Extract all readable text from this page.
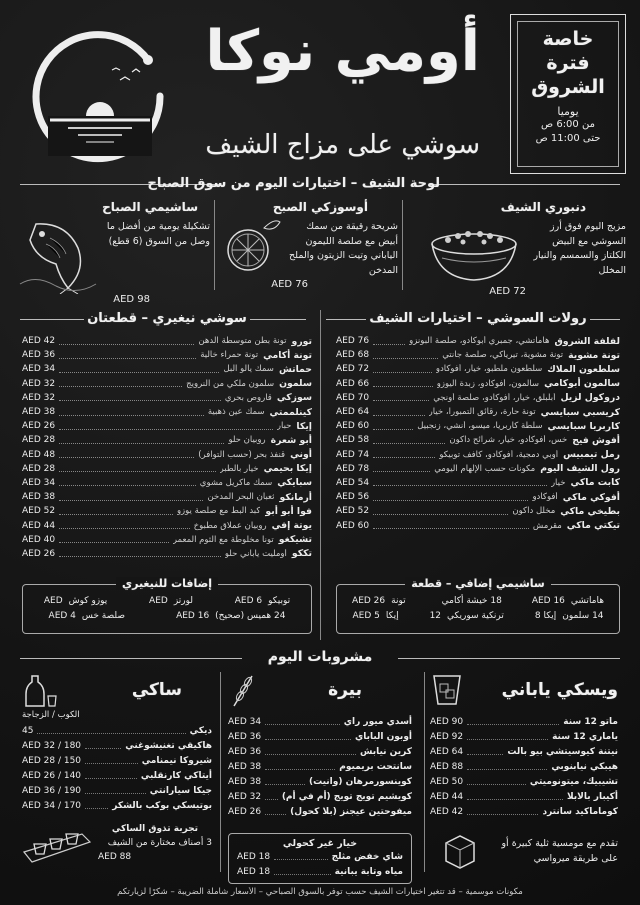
أومي نوكا
سوشي على مزاج الشيف
خاصة
فترة
الشروق
يوميا
من 6:00 ص
حتى 11:00 ص
لوحة الشيف – اختيارات اليوم من سوق الصباح
دنبوري الشيف
مزيج اليوم فوق أرز السوشي مع البيض الكلتاز والسمسم والنيار المخلل
AED 72
أوسوزكي الصبح
شريحة رقيقة من سمك أبيض مع صلصة الليمون الياباني وتيت الزيتون والملح المدخن
AED 76
ساشيمي الصباح
تشكيلة يومية من أفضل ما وصل من السوق (6 قطع)
AED 98
رولات السوشي – اختيارات الشيف
لفلفة الشروق
هاماتشي، جمبري أبوكادو، صلصة البونزو
AED 76
تونة مشوية
تونة مشوية، تيرياكي، صلصة جانتي
AED 68
سلطعون الملاك
سلطعون ملطبو، خيار، أفوكادو
AED 72
سالمون أبوكامي
سالمون، أفوكادو، زبدة اليوزو
AED 66
دروكول لزيل
أبلبلق، خيار، أفوكادو، صلصة أونجي
AED 70
كريسبي سبايسي
تونة حارة، رقائق التمبورا، خيار
AED 64
كاربريا سبايسي
سلطة كاربريا، ميسو، أنشي، زنجبيل
AED 60
أفوش فيج
خس، أفوكادو، خيار، شرائح داكون
AED 58
رمل تيمبيس
أوبي دمجية، أفوكادو، كافف توبيكو
AED 74
رول الشيف اليوم
مكونات حسب الإلهام اليومي
AED 78
كابت ماكي
خيار
AED 54
أفوكي ماكي
أفوكادو
AED 56
بطيخي ماكي
مخلل داكون
AED 52
تيكتي ماكي
مقرمش
AED 60
ساشيمي إضافي – قطعة
هاماتشي
AED 16
18 خيشة أكامي
تونة
AED 26
14 سلمون
إيكا 8
ترنكية سوريكي
12
إيكا
AED 5
سوشي نيغيري – قطعتان
تورو
تونة بطن متوسطة الدهن
AED 42
تونة أكامي
تونة حمراء خالية
AED 36
حماتش
سمك يالو البل
AED 34
سلمون
سلمون ملكي من النرويج
AED 32
سوزكي
قاروص بحري
AED 32
كينلممتي
سمك عين ذهبية
AED 38
إيكا
حبار
AED 26
أبو شعرة
روبيان حلو
AED 28
أوني
قنفذ بحر (حسب التوافر)
AED 48
إيكا بحيمي
خيار بالطبر
AED 28
سبايكي
سمك ماكريل مشوي
AED 34
أرمانكو
ثعبان البحر المدخن
AED 38
فوا أبو أبو
كبد البط مع صلصة يوزو
AED 52
يوتة إفي
روبيان عملاق مطبوخ
AED 44
تشيكغو
تونا مخلوطة مع الثوم المعمر
AED 40
تككو
أومليت ياباني حلو
AED 26
إضافات للنيغيري
توبيكو
AED 6
لورتز
AED
يوزو كوش
AED
24 هميس (صحيح)
AED 16
صلصة خس
AED 4
مشروبات اليوم
ويسكي ياباني
ماتو 12 سنة
AED 90
ياماري 12 سنة
AED 92
نيتنة كيوسيتشي بيو بالت
AED 64
هيبكي نيابنوبي
AED 88
تشيبيك، ميتونوميتي
AED 50
أكيبار بالابلا
AED 44
كوماماكيد سانترد
AED 42
تقدم مع مومسية ثلية كبيرة أو على طريقة ميرواسي
بيرة
أسدي ميور راي
AED 34
أوبون الباباي
AED 36
كرين نيابش
AED 36
سانتحت بريميوم
AED 38
كوينسورمرهان (وانيت)
AED 38
كويشيم تويج تويج (أم في أم)
AED 32
ميفوحتين عيجنز (بلا كحول)
AED 26
خيار غير كحولي
شاي خفض مثلج
AED 18
مياه وتابة يبانية
AED 18
ساكي
الكوب / الزجاجة
ديكي
45
هاكيقي تغنيشوغني
AED 32 / 180
شيروكا نيمنامي
AED 28 / 150
أيتاكي كارنقلبي
AED 26 / 140
جيكا سيارانتي
AED 36 / 190
بوتيسكي بوكب بالشكر
AED 34 / 170
تجربة تذوق الساكي
3 أصناف مختارة من الشيف
AED 88
مكونات موسمية – قد تتغير اختيارات الشيف حسب توفر بالسوق الصباحي – الأسعار شاملة الضريبة – شكرًا لزيارتكم
